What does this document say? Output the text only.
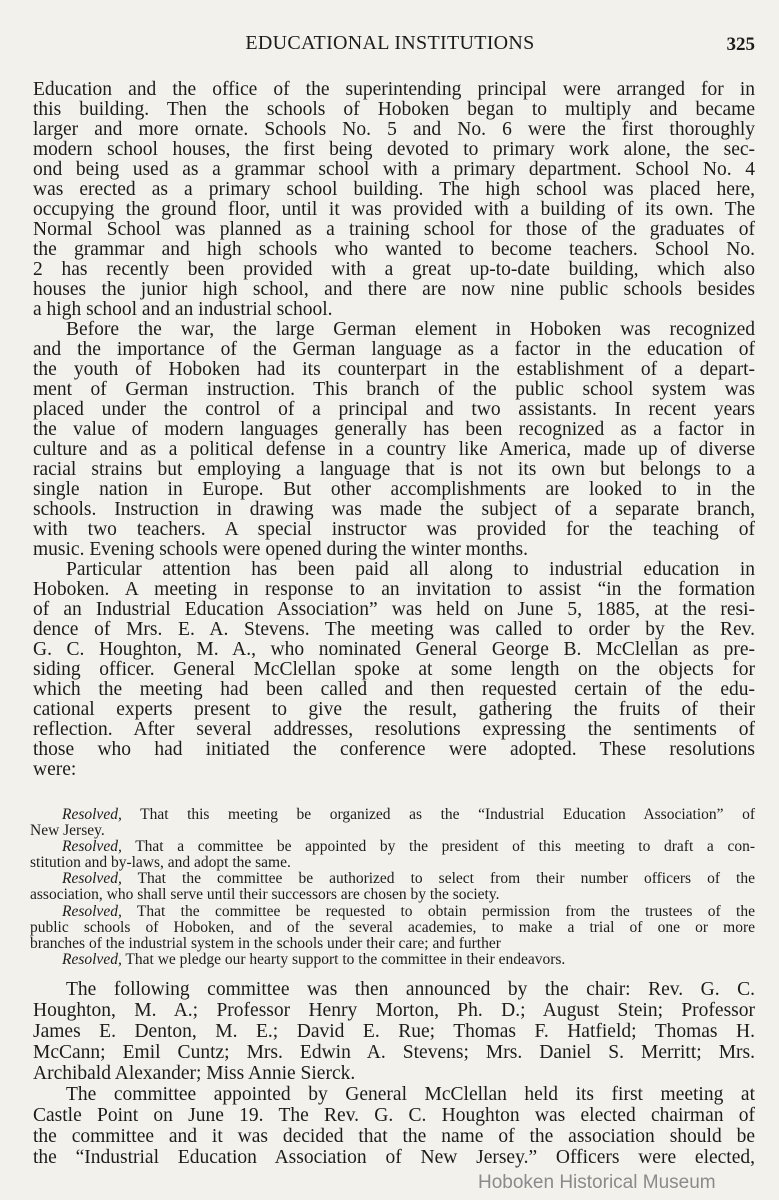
EDUCATIONAL INSTITUTIONS	325
Education and the office of the superintending principal were arranged for in
this building. Then the schools of Hoboken began to multiply and became
larger and more ornate. Schools No. 5 and No. 6 were the first thoroughly
modern school houses, the first being devoted to primary work alone, the sec-
ond being used as a grammar school with a primary department. School No. 4
was erected as a primary school building. The high school was placed here,
occupying the ground floor, until it was provided with a building of its own. The
Normal School was planned as a training school for those of the graduates of
the grammar and high schools who wanted to become teachers. School No.
2 has recently been provided with a great up-to-date building, which also
houses the junior high school, and there are now nine public schools besides
a high school and an industrial school.
Before the war, the large German element in Hoboken was recognized
and the importance of the German language as a factor in the education of
the youth of Hoboken had its counterpart in the establishment of a depart-
ment of German instruction. This branch of the public school system was
placed under the control of a principal and two assistants. In recent years
the value of modern languages generally has been recognized as a factor in
culture and as a political defense in a country like America, made up of diverse
racial strains but employing a language that is not its own but belongs to a
single nation in Europe. But other accomplishments are looked to in the
schools. Instruction in drawing was made the subject of a separate branch,
with two teachers. A special instructor was provided for the teaching of
music. Evening schools were opened during the winter months.
Particular attention has been paid all along to industrial education in
Hoboken. A meeting in response to an invitation to assist “in the formation
of an Industrial Education Association” was held on June 5, 1885, at the resi-
dence of Mrs. E. A. Stevens. The meeting was called to order by the Rev.
G. C. Houghton, M. A., who nominated General George B. McClellan as pre-
siding officer. General McClellan spoke at some length on the objects for
which the meeting had been called and then requested certain of the edu-
cational experts present to give the result, gathering the fruits of their
reflection. After several addresses, resolutions expressing the sentiments of
those who had initiated the conference were adopted. These resolutions
were:
Resolved, That this meeting be organized as the “Industrial Education Association” of
New Jersey.
Resolved, That a committee be appointed by the president of this meeting to draft a con-
stitution and by-laws, and adopt the same.
Resolved, That the committee be authorized to select from their number officers of the
association, who shall serve until their successors are chosen by the society.
Resolved, That the committee be requested to obtain permission from the trustees of the
public schools of Hoboken, and of the several academies, to make a trial of one or more
branches of the industrial system in the schools under their care; and further
Resolved, That we pledge our hearty support to the committee in their endeavors.
The following committee was then announced by the chair: Rev. G. C.
Houghton, M. A.; Professor Henry Morton, Ph. D.; August Stein; Professor
James E. Denton, M. E.; David E. Rue; Thomas F. Hatfield; Thomas H.
McCann; Emil Cuntz; Mrs. Edwin A. Stevens; Mrs. Daniel S. Merritt; Mrs.
Archibald Alexander; Miss Annie Sierck.
The committee appointed by General McClellan held its first meeting at
Castle Point on June 19. The Rev. G. C. Houghton was elected chairman of
the committee and it was decided that the name of the association should be
the “Industrial Education Association of New Jersey.” Officers were elected,
Hoboken Historical Museum
